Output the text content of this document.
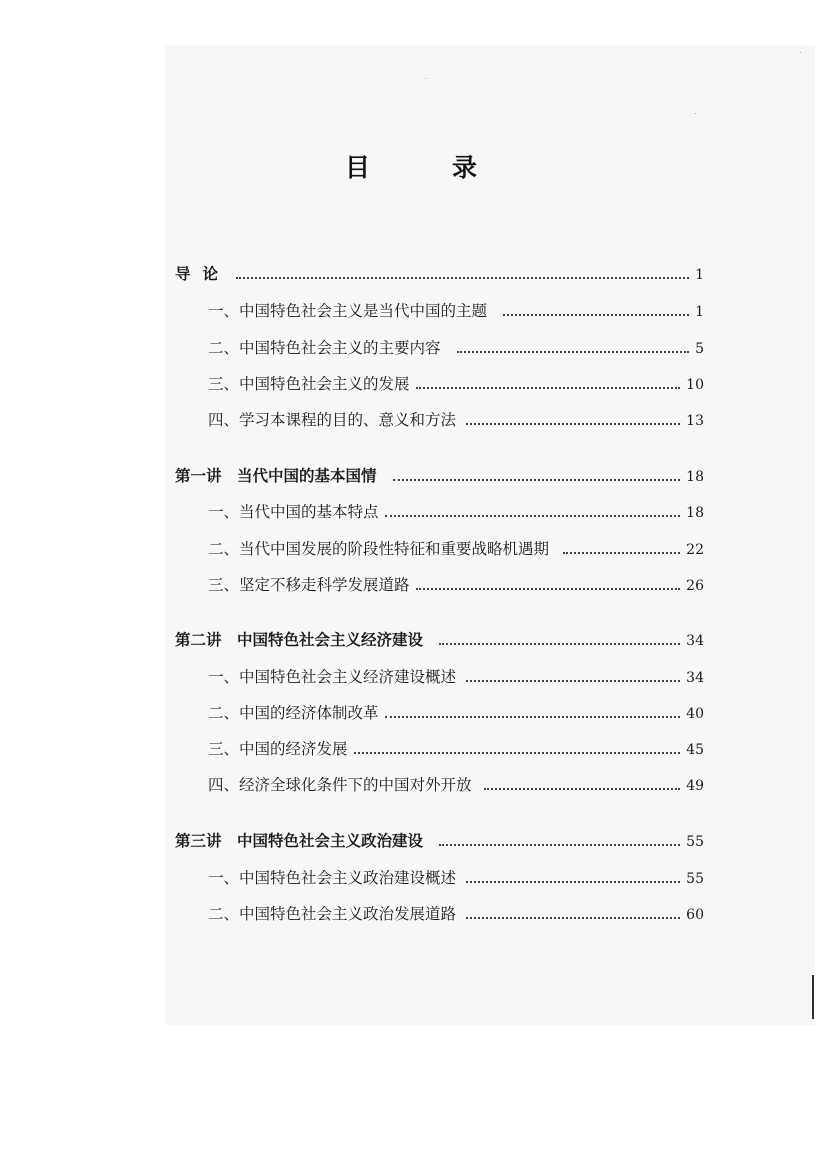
目	录
导论	1
一、中国特色社会主义是当代中国的主题	1
二、中国特色社会主义的主要内容	5
三、中国特色社会主义的发展	10
四、学习本课程的目的、意义和方法	13
第一讲　当代中国的基本国情	18
一、当代中国的基本特点	18
二、当代中国发展的阶段性特征和重要战略机遇期	22
三、坚定不移走科学发展道路	26
第二讲　中国特色社会主义经济建设	34
一、中国特色社会主义经济建设概述	34
二、中国的经济体制改革	40
三、中国的经济发展	45
四、经济全球化条件下的中国对外开放	49
第三讲　中国特色社会主义政治建设	55
一、中国特色社会主义政治建设概述	55
二、中国特色社会主义政治发展道路	60
